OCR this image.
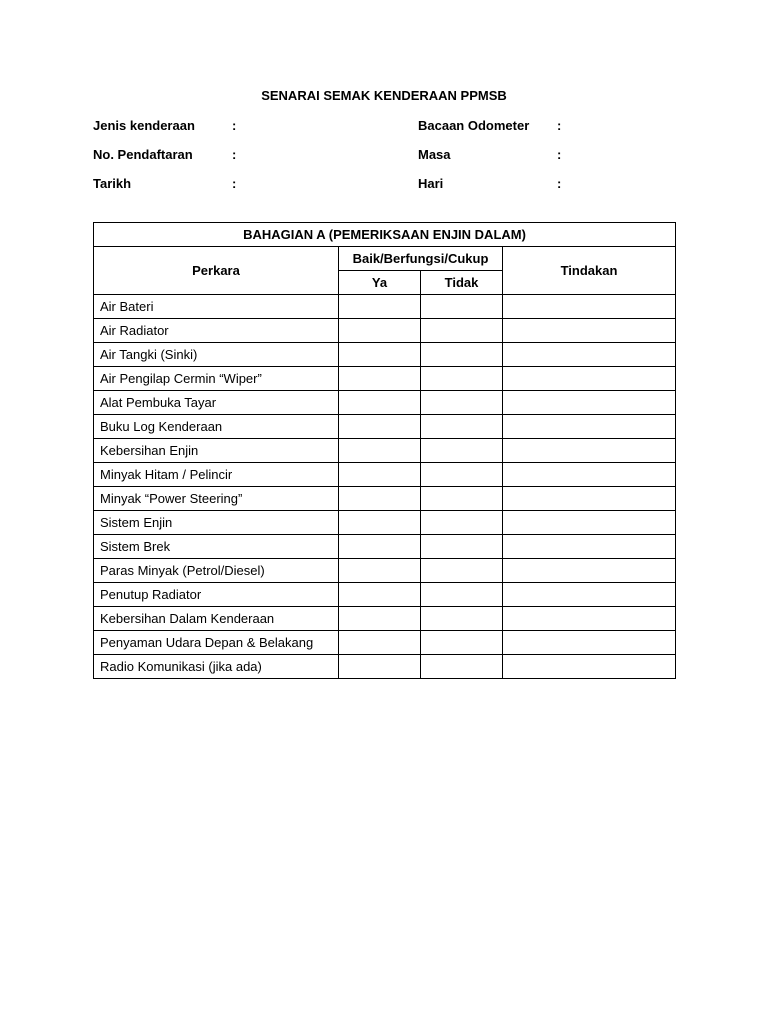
SENARAI SEMAK KENDERAAN PPMSB
Jenis kenderaan	:
No. Pendaftaran	:
Tarikh	:
Bacaan Odometer :
Masa	:
Hari	:
BAHAGIAN A (PEMERIKSAAN ENJIN DALAM)			
Perkara	Baik/Berfungsi/Cukup		Tindakan
	Ya	Tidak	
Air Bateri			
Air Radiator			
Air Tangki (Sinki)			
Air Pengilap Cermin “Wiper”			
Alat Pembuka Tayar			
Buku Log Kenderaan			
Kebersihan Enjin			
Minyak Hitam / Pelincir			
Minyak “Power Steering”			
Sistem Enjin			
Sistem Brek			
Paras Minyak (Petrol/Diesel)			
Penutup Radiator			
Kebersihan Dalam Kenderaan			
Penyaman Udara Depan & Belakang			
Radio Komunikasi (jika ada)			
